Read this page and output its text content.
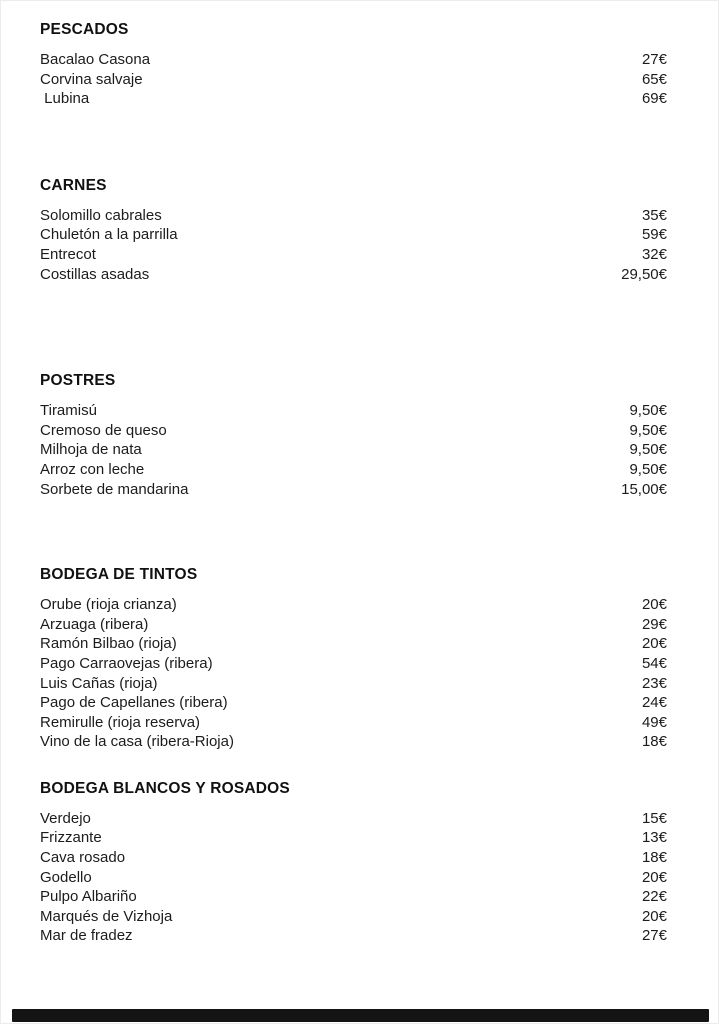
PESCADOS
Bacalao Casona	27€
Corvina salvaje	65€
Lubina	69€
CARNES
Solomillo cabrales	35€
Chuletón a la parrilla	59€
Entrecot	32€
Costillas asadas	29,50€
POSTRES
Tiramisú	9,50€
Cremoso de queso	9,50€
Milhoja de nata	9,50€
Arroz con leche	9,50€
Sorbete de mandarina	15,00€
BODEGA DE TINTOS
Orube (rioja crianza)	20€
Arzuaga (ribera)	29€
Ramón Bilbao (rioja)	20€
Pago Carraovejas (ribera)	54€
Luis Cañas (rioja)	23€
Pago de Capellanes (ribera)	24€
Remirulle (rioja reserva)	49€
Vino de la casa (ribera-Rioja)	18€
BODEGA BLANCOS Y ROSADOS
Verdejo	15€
Frizzante	13€
Cava rosado	18€
Godello	20€
Pulpo Albariño	22€
Marqués de Vizhoja	20€
Mar de fradez	27€
